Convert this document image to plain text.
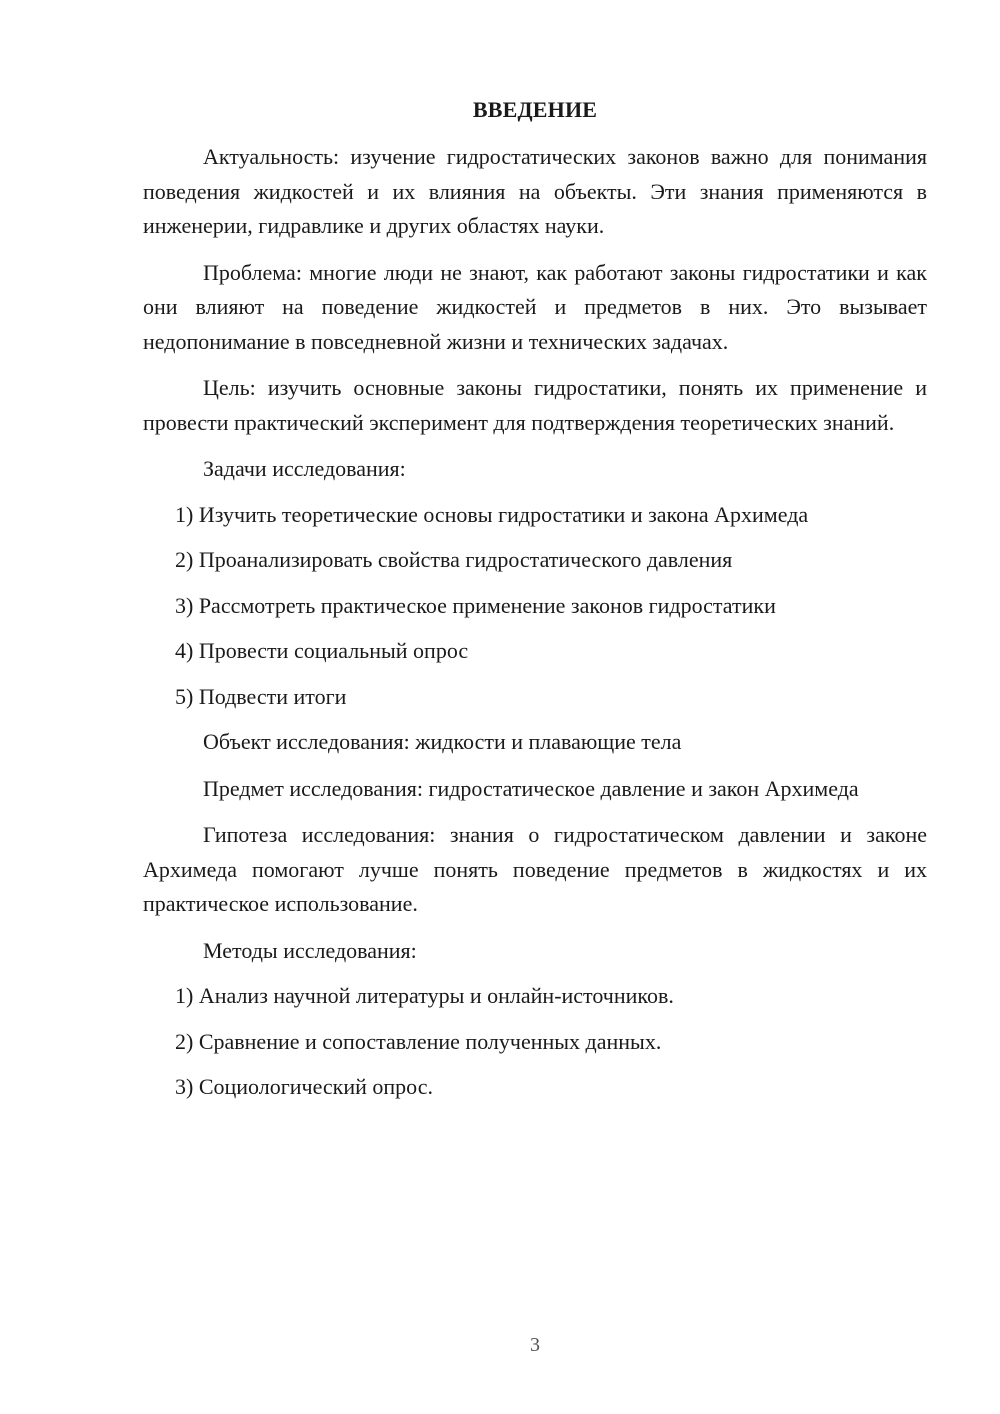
ВВЕДЕНИЕ

Актуальность: изучение гидростатических законов важно для понимания поведения жидкостей и их влияния на объекты. Эти знания применяются в инженерии, гидравлике и других областях науки.

Проблема: многие люди не знают, как работают законы гидростатики и как они влияют на поведение жидкостей и предметов в них. Это вызывает недопонимание в повседневной жизни и технических задачах.

Цель: изучить основные законы гидростатики, понять их применение и провести практический эксперимент для подтверждения теоретических знаний.

Задачи исследования:

1) Изучить теоретические основы гидростатики и закона Архимеда

2) Проанализировать свойства гидростатического давления

3) Рассмотреть практическое применение законов гидростатики

4) Провести социальный опрос

5) Подвести итоги

Объект исследования: жидкости и плавающие тела

Предмет исследования: гидростатическое давление и закон Архимеда

Гипотеза исследования: знания о гидростатическом давлении и законе Архимеда помогают лучше понять поведение предметов в жидкостях и их практическое использование.

Методы исследования:

1) Анализ научной литературы и онлайн-источников.

2) Сравнение и сопоставление полученных данных.

3) Социологический опрос.

3
